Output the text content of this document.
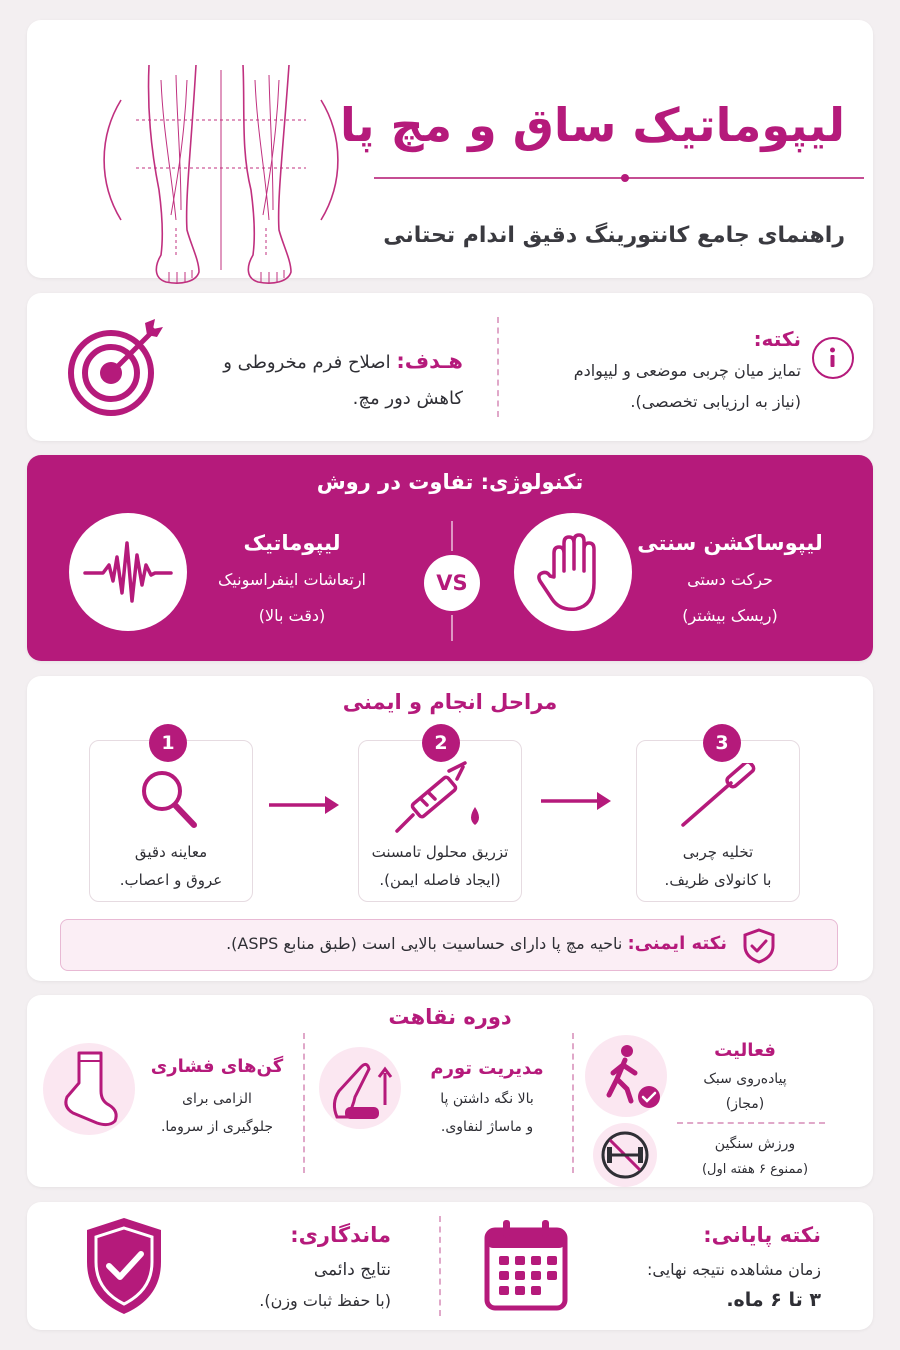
لیپوماتیک ساق و مچ پا
راهنمای جامع کانتورینگ دقیق اندام تحتانی
نکته:
تمایز میان چربی موضعی و لیپوادم
(نیاز به ارزیابی تخصصی).
هـدف: اصلاح فرم مخروطی و
کاهش دور مچ.
تکنولوژی: تفاوت در روش
لیپوساکشن سنتی
حرکت دستی
(ریسک بیشتر)
VS
لیپوماتیک
ارتعاشات اینفراسونیک
(دقت بالا)
مراحل انجام و ایمنی
تخلیه چربی
با کانولای ظریف.
3
تزریق محلول تامسنت
(ایجاد فاصله ایمن).
2
معاینه دقیق
عروق و اعصاب.
1
نکته ایمنی: ناحیه مچ پا دارای حساسیت بالایی است (طبق منابع ASPS).
دوره نقاهت
فعالیت
پیاده‌روی سبک
(مجاز)
ورزش سنگین
(ممنوع ۶ هفته اول)
مدیریت تورم
بالا نگه داشتن پا
و ماساژ لنفاوی.
گن‌های فشاری
الزامی برای
جلوگیری از سروما.
نکته پایانی:
زمان مشاهده نتیجه نهایی:
۳ تا ۶ ماه.
ماندگاری:
نتایج دائمی
(با حفظ ثبات وزن).
